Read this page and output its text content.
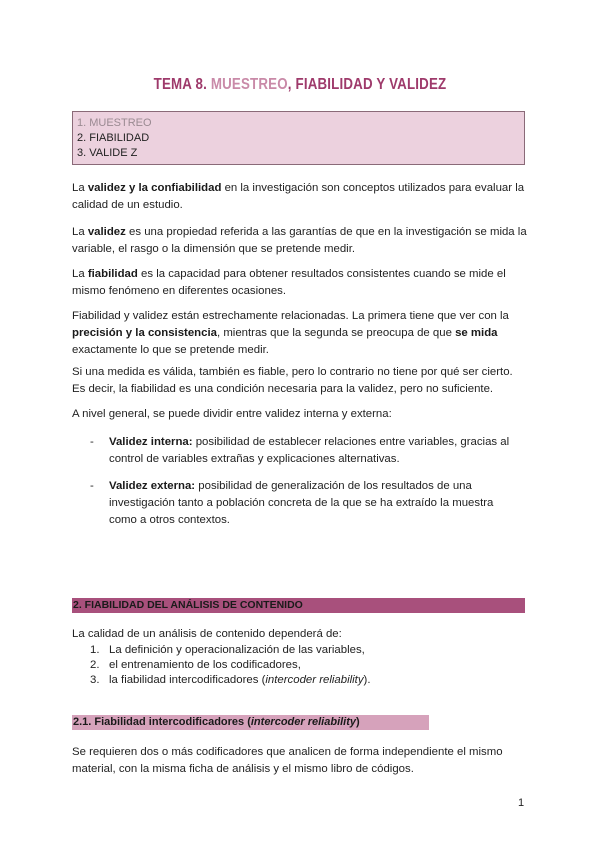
TEMA 8. MUESTREO, FIABILIDAD Y VALIDEZ
1. MUESTREO
2. FIABILIDAD
3. VALIDE Z

La validez y la confiabilidad en la investigación son conceptos utilizados para evaluar la calidad de un estudio.

La validez es una propiedad referida a las garantías de que en la investigación se mida la variable, el rasgo o la dimensión que se pretende medir.

La fiabilidad es la capacidad para obtener resultados consistentes cuando se mide el mismo fenómeno en diferentes ocasiones.

Fiabilidad y validez están estrechamente relacionadas. La primera tiene que ver con la precisión y la consistencia, mientras que la segunda se preocupa de que se mida exactamente lo que se pretende medir.

Si una medida es válida, también es fiable, pero lo contrario no tiene por qué ser cierto. Es decir, la fiabilidad es una condición necesaria para la validez, pero no suficiente.

A nivel general, se puede dividir entre validez interna y externa:

- Validez interna: posibilidad de establecer relaciones entre variables, gracias al control de variables extrañas y explicaciones alternativas.
- Validez externa: posibilidad de generalización de los resultados de una investigación tanto a población concreta de la que se ha extraído la muestra como a otros contextos.
2. FIABILIDAD DEL ANÁLISIS DE CONTENIDO

La calidad de un análisis de contenido dependerá de:

1. La definición y operacionalización de las variables,
2. el entrenamiento de los codificadores,
3. la fiabilidad intercodificadores (intercoder reliability).
2.1. Fiabilidad intercodificadores (intercoder reliability)

Se requieren dos o más codificadores que analicen de forma independiente el mismo material, con la misma ficha de análisis y el mismo libro de códigos.

1
